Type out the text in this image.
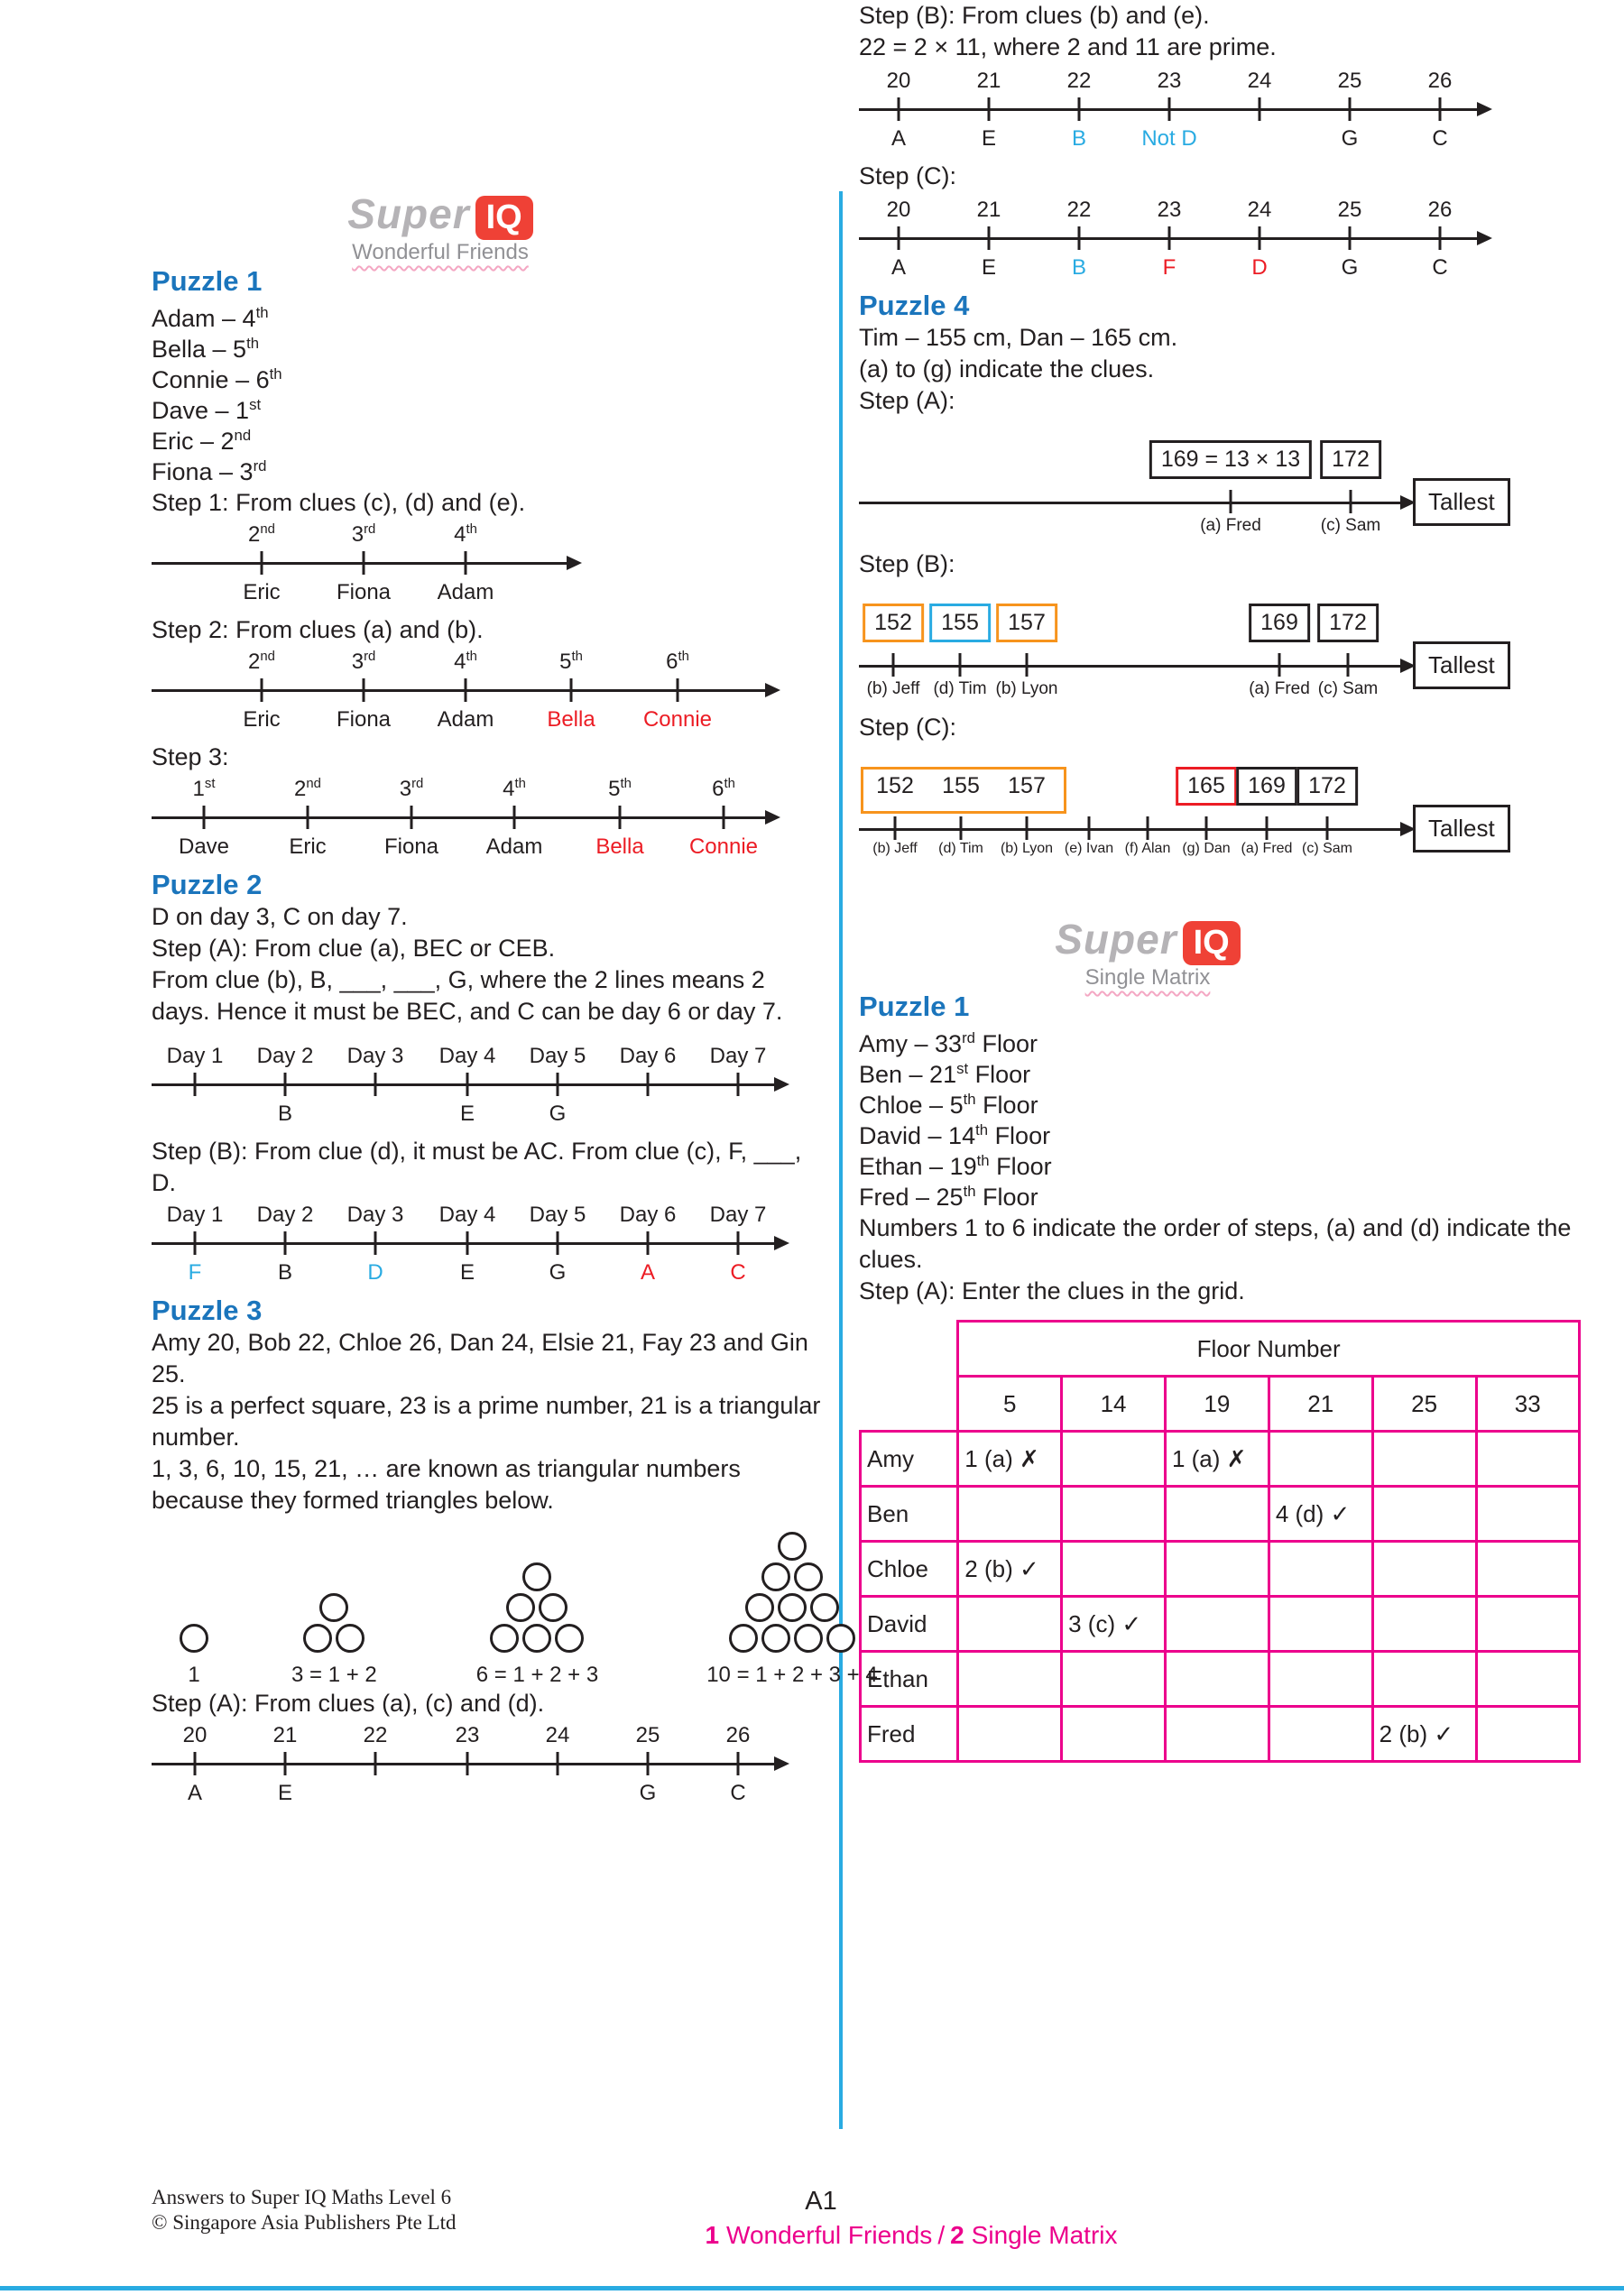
Super IQ
Wonderful Friends
Puzzle 1
Adam – 4th
Bella – 5th
Connie – 6th
Dave – 1st
Eric – 2nd
Fiona – 3rd

Step 1: From clues (c), (d) and (e).

2nd
Eric
3rd
Fiona
4th
Adam

Step 2: From clues (a) and (b).

2nd
Eric
3rd
Fiona
4th
Adam
5th
Bella
6th
Connie

Step 3:

1st
Dave
2nd
Eric
3rd
Fiona
4th
Adam
5th
Bella
6th
Connie
Puzzle 2

D on day 3, C on day 7.

Step (A): From clue (a), BEC or CEB.

From clue (b), B, ___, ___, G, where the 2 lines means 2 days. Hence it must be BEC, and C can be day 6 or day 7.

Day 1 Day 2
B
Day 3 Day 4
E
Day 5
G
Day 6 Day 7

Step (B): From clue (d), it must be AC. From clue (c), F, ___, D.

Day 1
F
Day 2
B
Day 3
D
Day 4
E
Day 5
G
Day 6
A
Day 7
C
Puzzle 3

Amy 20, Bob 22, Chloe 26, Dan 24, Elsie 21, Fay 23 and Gin 25.

25 is a perfect square, 23 is a prime number, 21 is a triangular number.

1, 3, 6, 10, 15, 21, … are known as triangular numbers because they formed triangles below.

1	3 = 1 + 2	6 = 1 + 2 + 3	10 = 1 + 2 + 3 + 4

Step (A): From clues (a), (c) and (d).

20
A
21
E
22	23	24	25
G
26
C

Step (B): From clues (b) and (e).

22 = 2 × 11, where 2 and 11 are prime.

20
A
21
E
22
B
23
Not D
24	25
G
26
C

Step (C):

20
A
21
E
22
B
23
F
24
D
25
G
26
C
Puzzle 4

Tim – 155 cm, Dan – 165 cm.

(a) to (g) indicate the clues.

Step (A):

169 = 13 × 13	172
(a) Fred	(c) Sam
Tallest

Step (B):

152	155	157	169	172
(b) Jeff (d) Tim (b) Lyon	(a) Fred (c) Sam
Tallest

Step (C):

152 155 157	165	169	172
(b) Jeff (d) Tim (b) Lyon (e) Ivan (f) Alan (g) Dan (a) Fred (c) Sam
Tallest
Super IQ
Single Matrix
Puzzle 1
Amy – 33rd Floor
Ben – 21st Floor
Chloe – 5th Floor
David – 14th Floor
Ethan – 19th Floor
Fred – 25th Floor

Numbers 1 to 6 indicate the order of steps, (a) and (d) indicate the clues.

Step (A): Enter the clues in the grid.

	Floor Number					
	5	14	19	21	25	33
Amy	1 (a) ✗		1 (a) ✗			
Ben				4 (d) ✓		
Chloe	2 (b) ✓					
David		3 (c) ✓				
Ethan						
Fred					2 (b) ✓	
Answers to Super IQ Maths Level 6
© Singapore Asia Publishers Pte Ltd
A1
1 Wonderful Friends / 2 Single Matrix
